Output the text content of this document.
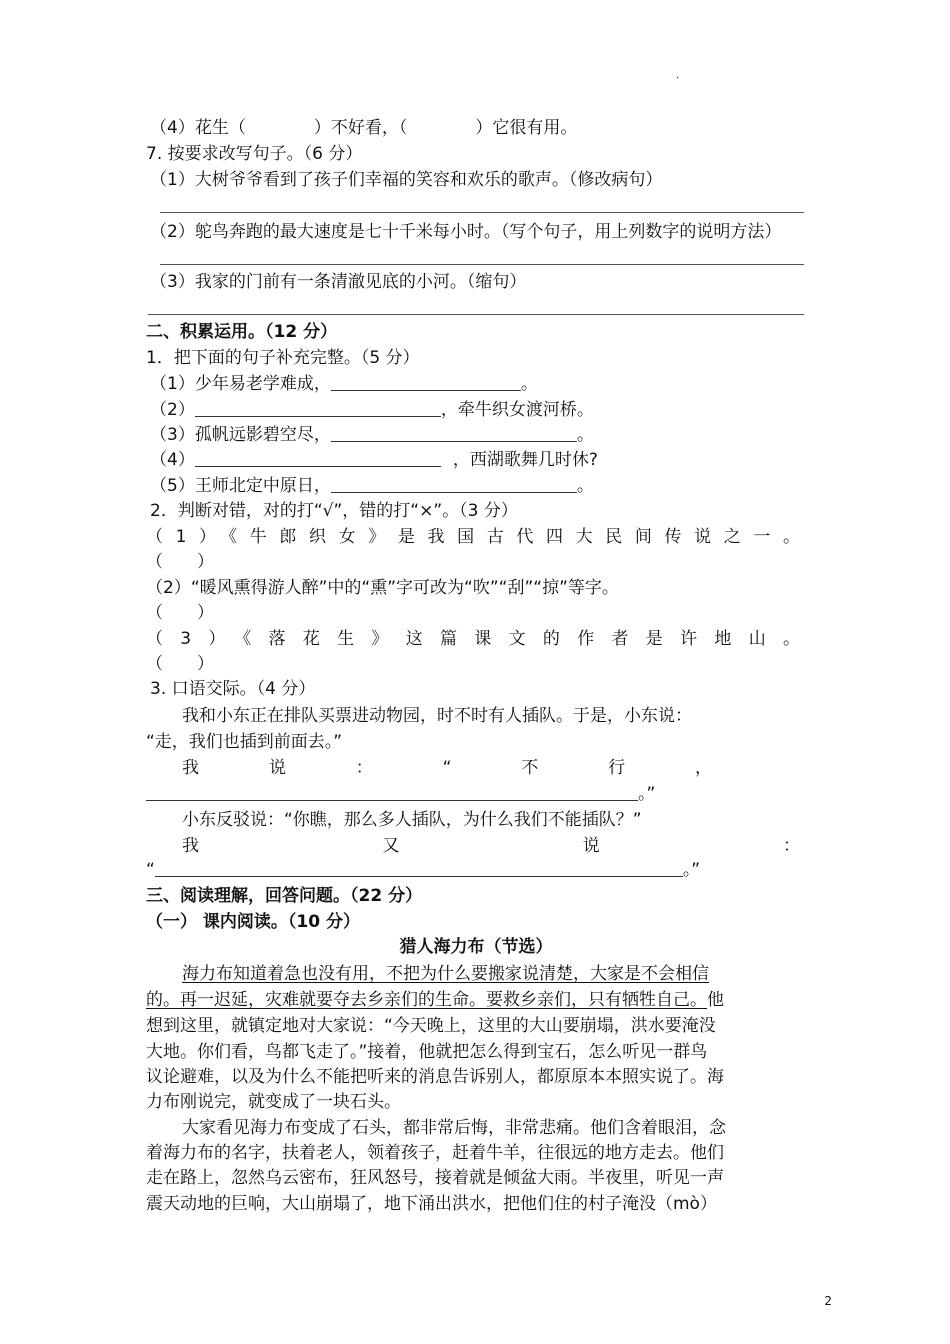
.
（4）花生（　　　　）不好看，（　　　　）它很有用。
7. 按要求改写句子。（6 分）
（1）大树爷爷看到了孩子们幸福的笑容和欢乐的歌声。（修改病句）
（2）鸵鸟奔跑的最大速度是七十千米每小时。（写个句子，用上列数字的说明方法）
（3）我家的门前有一条清澈见底的小河。（缩句）
二、积累运用。（12 分）
1．把下面的句子补充完整。（5 分）
（1）少年易老学难成，	。
（2）	，牵牛织女渡河桥。
（3）孤帆远影碧空尽，	。
（4）	，西湖歌舞几时休?
（5）王师北定中原日，	。
2．判断对错，对的打“√”，错的打“×”。（3 分）
（1）《牛郎织女》是我国古代四大民间传说之一。
（　　）
（2）“暖风熏得游人醉”中的“熏”字可改为“吹”“刮”“掠”等字。
（　　）
（3）《落花生》这篇课文的作者是许地山。
（　　）
3. 口语交际。（4 分）
我和小东正在排队买票进动物园，时不时有人插队。于是，小东说：
“走，我们也插到前面去。”
我说：“不行，
。”
小东反驳说：“你瞧，那么多人插队，为什么我们不能插队？”
我又说：
“	。”
三、阅读理解，回答问题。（22 分）
（一） 课内阅读。（10 分）
猎人海力布（节选）
海力布知道着急也没有用，不把为什么要搬家说清楚，大家是不会相信
的。再一迟延，灾难就要夺去乡亲们的生命。要救乡亲们，只有牺牲自己。他
想到这里，就镇定地对大家说：“今天晚上，这里的大山要崩塌，洪水要淹没
大地。你们看，鸟都飞走了。”接着，他就把怎么得到宝石，怎么听见一群鸟
议论避难，以及为什么不能把听来的消息告诉别人，都原原本本照实说了。海
力布刚说完，就变成了一块石头。
大家看见海力布变成了石头，都非常后悔，非常悲痛。他们含着眼泪，念
着海力布的名字，扶着老人，领着孩子，赶着牛羊，往很远的地方走去。他们
走在路上，忽然乌云密布，狂风怒号，接着就是倾盆大雨。半夜里，听见一声
震天动地的巨响，大山崩塌了，地下涌出洪水，把他们住的村子淹没（mò）
2
